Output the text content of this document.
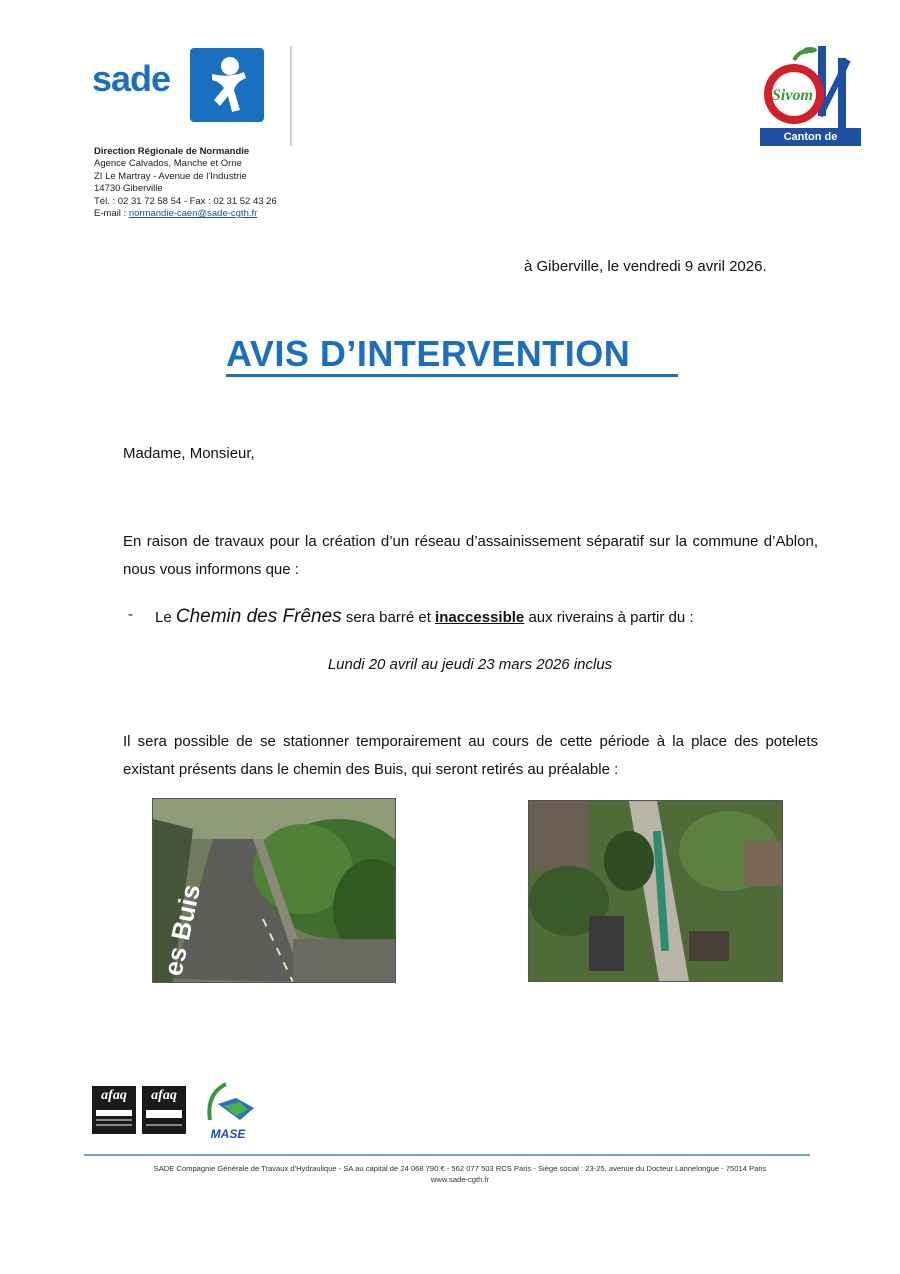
sade
Direction Régionale de Normandie
Agence Calvados, Manche et Orne
ZI Le Martray - Avenue de l'Industrie
14730 Giberville
Tél. : 02 31 72 58 54 - Fax : 02 31 52 43 26
E-mail : normandie-caen@sade-cgth.fr
Sivom
Canton de Honfleur
à Giberville, le vendredi 9 avril 2026.
AVIS D’INTERVENTION
Madame, Monsieur,
En raison de travaux pour la création d’un réseau d’assainissement séparatif sur la commune d’Ablon, nous vous informons que :
- Le Chemin des Frênes sera barré et inaccessible aux riverains à partir du :
Lundi 20 avril au jeudi 23 mars 2026 inclus
Il sera possible de se stationner temporairement au cours de cette période à la place des potelets existant présents dans le chemin des Buis, qui seront retirés au préalable :
es Buis
afaq	afaq
MASE
SADE Compagnie Générale de Travaux d'Hydraulique - SA au capital de 24 068 790 € - 562 077 503 RCS Paris - Siège social : 23-25, avenue du Docteur Lannelongue - 75014 Paris
www.sade-cgth.fr
